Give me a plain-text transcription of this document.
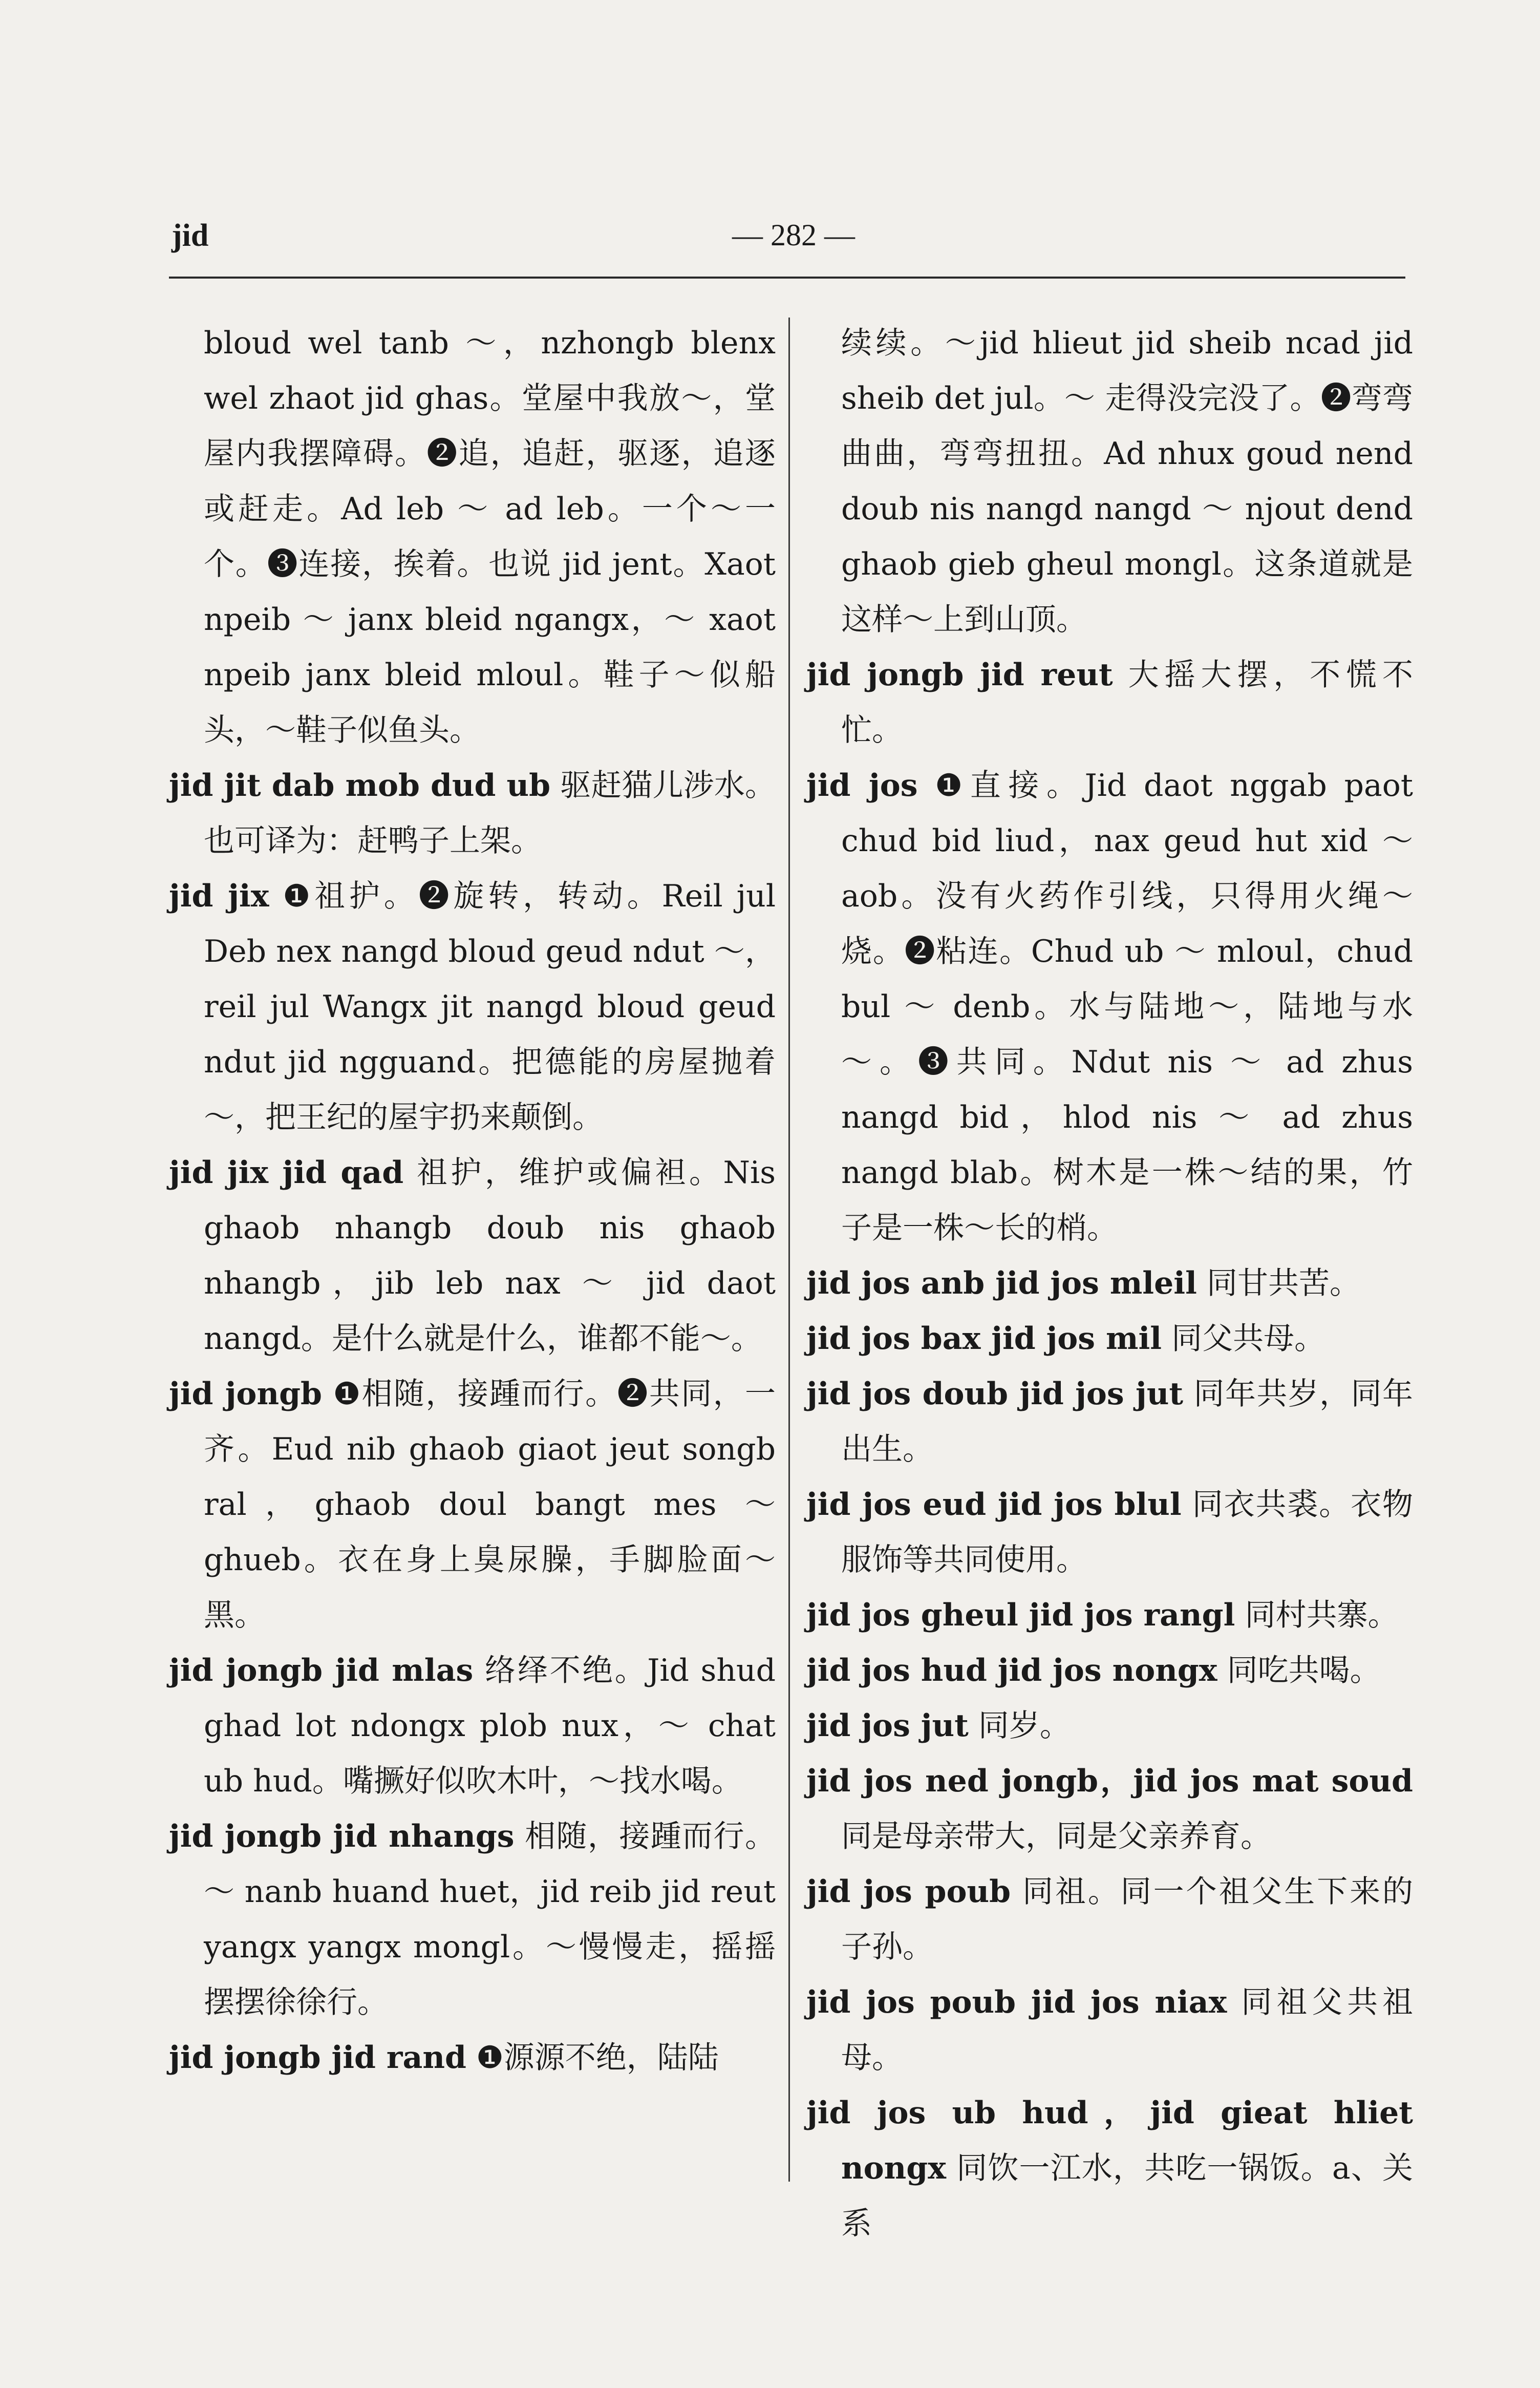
jid	— 282 —

bloud wel tanb ～，nzhongb blenx wel zhaot jid ghas。堂屋中我放～，堂屋内我摆障碍。❷追，追赶，驱逐，追逐或赶走。Ad leb ～ ad leb。一个～一个。❸连接，挨着。也说 jid jent。Xaot npeib ～ janx bleid ngangx，～ xaot npeib janx bleid mloul。鞋子～似船头，～鞋子似鱼头。

jid jit dab mob dud ub 驱赶猫儿涉水。也可译为：赶鸭子上架。

jid jix ❶祖护。❷旋转，转动。Reil jul Deb nex nangd bloud geud ndut ～，reil jul Wangx jit nangd bloud geud ndut jid ngguand。把德能的房屋抛着～，把王纪的屋宇扔来颠倒。

jid jix jid qad 祖护，维护或偏袒。Nis ghaob nhangb doub nis ghaob nhangb，jib leb nax ～ jid daot nangd。是什么就是什么，谁都不能～。

jid jongb ❶相随，接踵而行。❷共同，一齐。Eud nib ghaob giaot jeut songb ral，ghaob doul bangt mes ～ ghueb。衣在身上臭尿臊，手脚脸面～黑。

jid jongb jid mlas 络绎不绝。Jid shud ghad lot ndongx plob nux，～ chat ub hud。嘴撅好似吹木叶，～找水喝。

jid jongb jid nhangs 相随，接踵而行。～ nanb huand huet，jid reib jid reut yangx yangx mongl。～慢慢走，摇摇摆摆徐徐行。

jid jongb jid rand ❶源源不绝，陆陆

续续。～jid hlieut jid sheib ncad jid sheib det jul。～ 走得没完没了。❷弯弯曲曲，弯弯扭扭。Ad nhux goud nend doub nis nangd nangd ～ njout dend ghaob gieb gheul mongl。这条道就是这样～上到山顶。

jid jongb jid reut 大摇大摆，不慌不忙。

jid jos ❶直接。Jid daot nggab paot chud bid liud，nax geud hut xid ～ aob。没有火药作引线，只得用火绳～烧。❷粘连。Chud ub ～ mloul，chud bul ～ denb。水与陆地～，陆地与水～。❸共同。Ndut nis ～ ad zhus nangd bid，hlod nis ～ ad zhus nangd blab。树木是一株～结的果，竹子是一株～长的梢。

jid jos anb jid jos mleil 同甘共苦。

jid jos bax jid jos mil 同父共母。

jid jos doub jid jos jut 同年共岁，同年出生。

jid jos eud jid jos blul 同衣共裘。衣物服饰等共同使用。

jid jos gheul jid jos rangl 同村共寨。

jid jos hud jid jos nongx 同吃共喝。

jid jos jut 同岁。

jid jos ned jongb，jid jos mat soud 同是母亲带大，同是父亲养育。

jid jos poub 同祖。同一个祖父生下来的子孙。

jid jos poub jid jos niax 同祖父共祖母。

jid jos ub hud，jid gieat hliet nongx 同饮一江水，共吃一锅饭。a、关系
